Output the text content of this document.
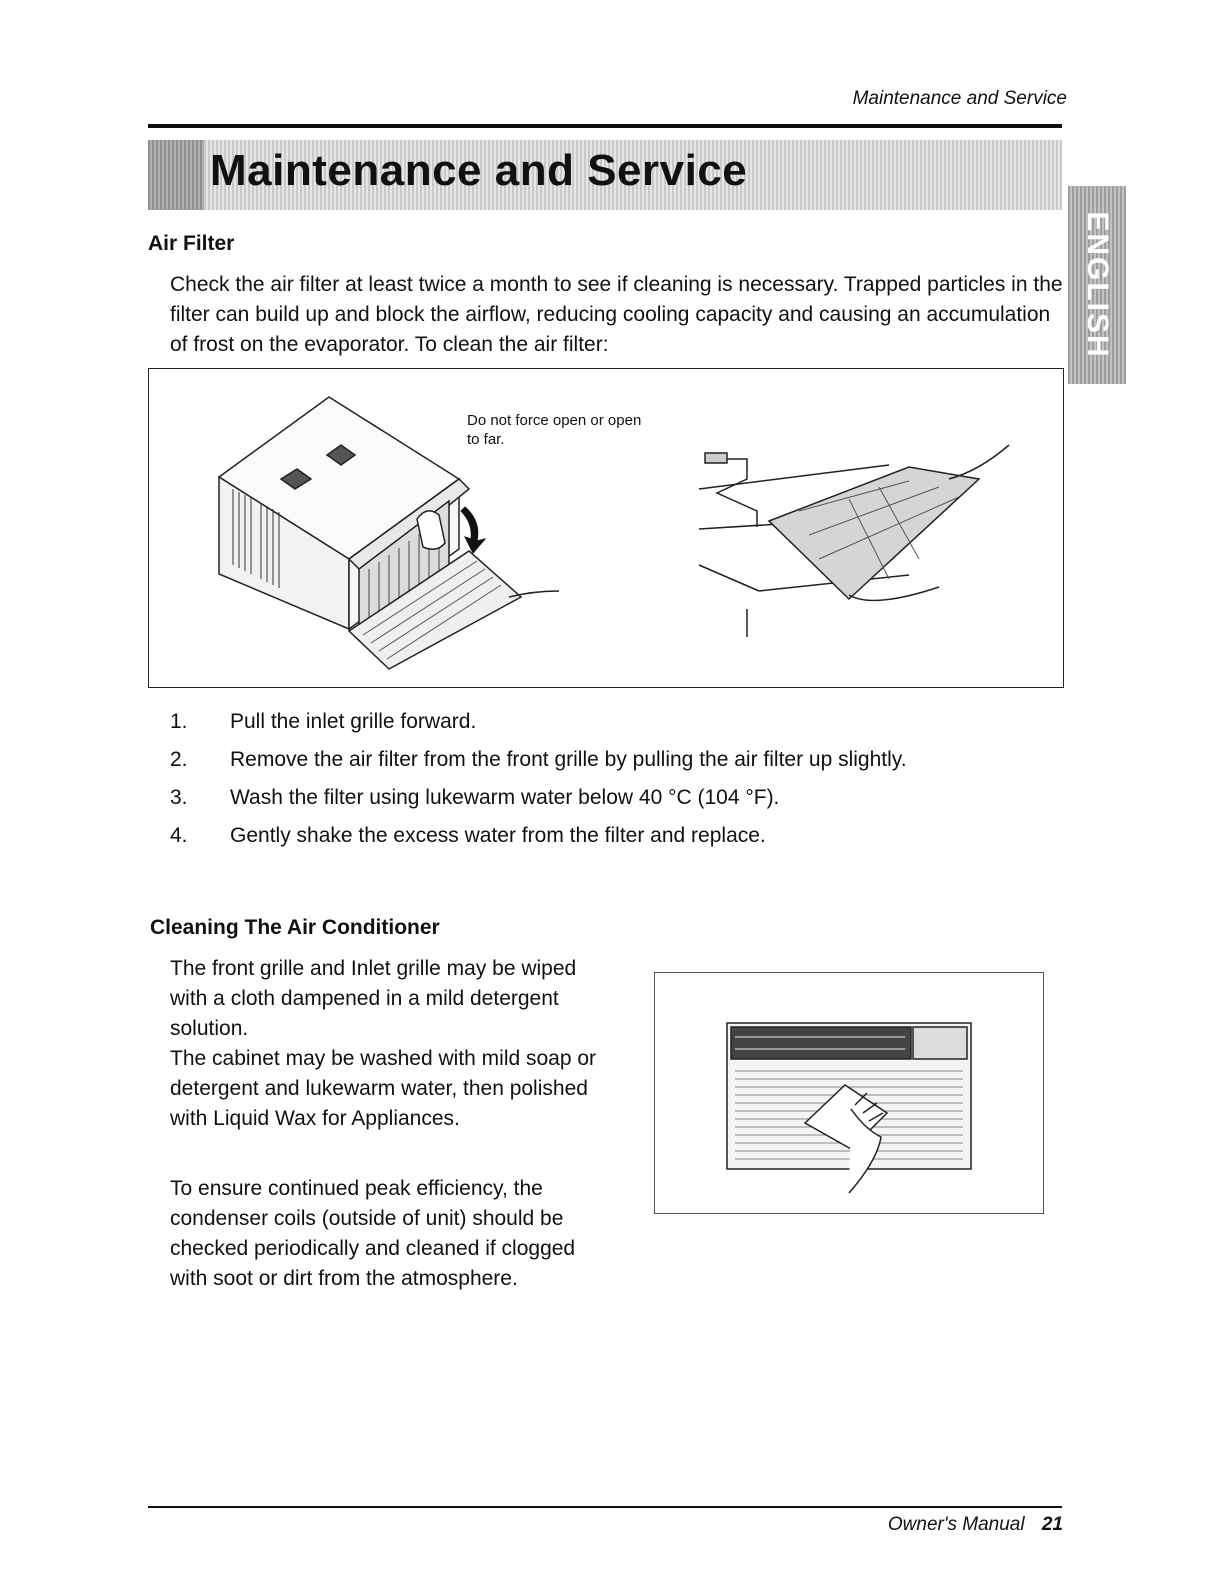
Maintenance and Service
Maintenance and Service
ENGLISH
Air Filter
Check the air filter at least twice a month to see if cleaning is necessary. Trapped particles in the filter can build up and block the airflow, reducing cooling capacity and causing an accumulation of frost on the evaporator. To clean the air filter:
Do not force open or open to far.
1. Pull the inlet grille forward.
2. Remove the air filter from the front grille by pulling the air filter up slightly.
3. Wash the filter using lukewarm water below 40 °C (104 °F).
4. Gently shake the excess water from the filter and replace.
Cleaning The Air Conditioner
The front grille and Inlet grille may be wiped with a cloth dampened in a mild detergent solution.
The cabinet may be washed with mild soap or detergent and lukewarm water, then polished with Liquid Wax for Appliances.
To ensure continued peak efficiency, the condenser coils (outside of unit) should be checked periodically and cleaned if clogged with soot or dirt from the atmosphere.
Owner's Manual 21
